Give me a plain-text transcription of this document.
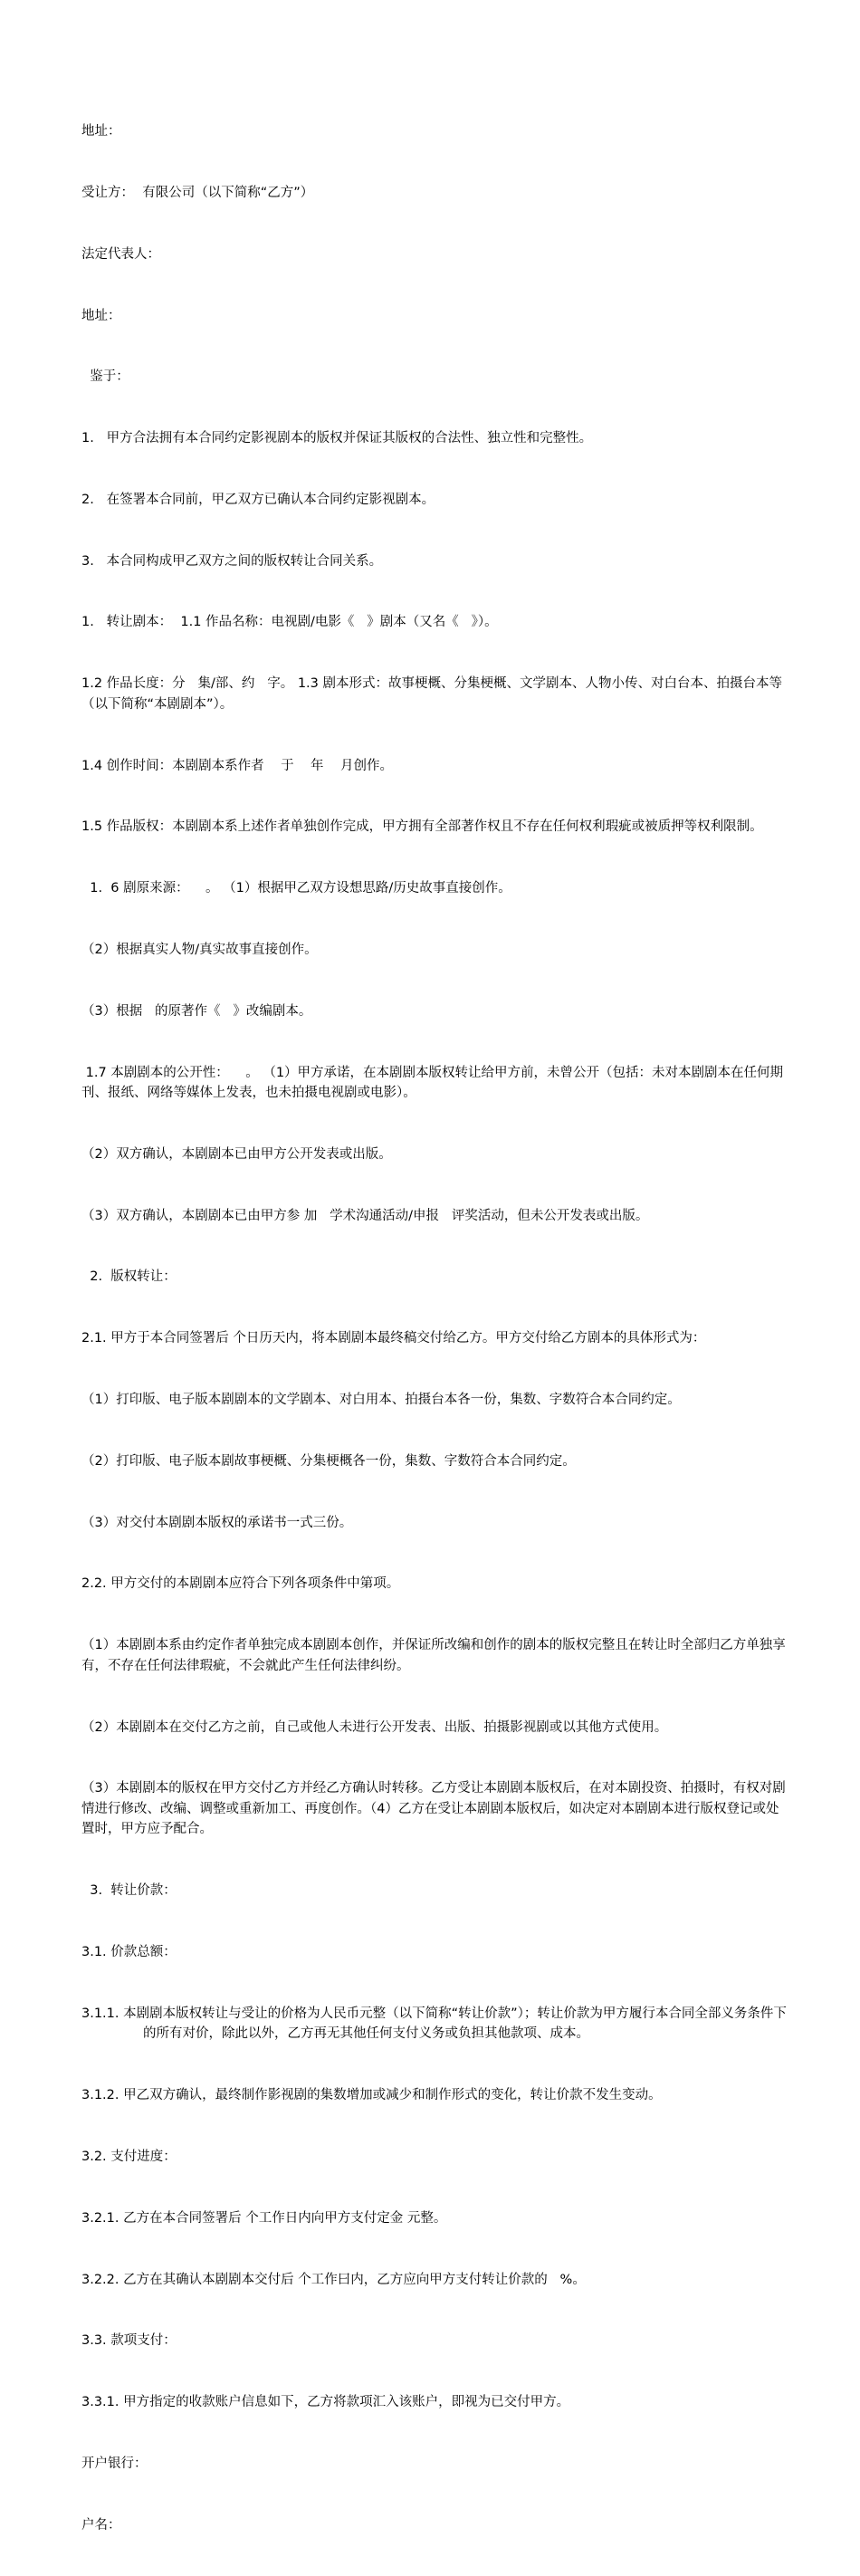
地址：

受让方：  有限公司（以下简称“乙方”）

法定代表人：

地址：

鉴于：

1.   甲方合法拥有本合同约定影视剧本的版权并保证其版权的合法性、独立性和完整性。

2.   在签署本合同前，甲乙双方已确认本合同约定影视剧本。

3.   本合同构成甲乙双方之间的版权转让合同关系。

1.   转让剧本：  1.1 作品名称：电视剧/电影《   》剧本（又名《   》）。

1.2 作品长度：分   集/部、约   字。 1.3 剧本形式：故事梗概、分集梗概、文学剧本、人物小传、对白台本、拍摄台本等（以下简称“本剧剧本”）。

1.4 创作时间：本剧剧本系作者    于    年    月创作。

1.5 作品版权：本剧剧本系上述作者单独创作完成，甲方拥有全部著作权且不存在任何权利瑕疵或被质押等权利限制。

1.  6 剧原来源：    。 （1）根据甲乙双方设想思路/历史故事直接创作。

（2）根据真实人物/真实故事直接创作。

（3）根据   的原著作《   》改编剧本。

1.7 本剧剧本的公开性：    。 （1）甲方承诺，在本剧剧本版权转让给甲方前，未曾公开（包括：未对本剧剧本在任何期刊、报纸、网络等媒体上发表，也未拍摄电视剧或电影）。

（2）双方确认，本剧剧本已由甲方公开发表或出版。

（3）双方确认，本剧剧本已由甲方参 加   学术沟通活动/申报   评奖活动，但未公开发表或出版。

2.  版权转让：

2.1. 甲方于本合同签署后 个日历天内，将本剧剧本最终稿交付给乙方。甲方交付给乙方剧本的具体形式为：

（1）打印版、电子版本剧剧本的文学剧本、对白用本、拍摄台本各一份，集数、字数符合本合同约定。

（2）打印版、电子版本剧故事梗概、分集梗概各一份，集数、字数符合本合同约定。

（3）对交付本剧剧本版权的承诺书一式三份。

2.2. 甲方交付的本剧剧本应符合下列各项条件中第项。

（1）本剧剧本系由约定作者单独完成本剧剧本创作，并保证所改编和创作的剧本的版权完整且在转让时全部归乙方单独享有，不存在任何法律瑕疵，不会就此产生任何法律纠纷。

（2）本剧剧本在交付乙方之前，自己或他人未进行公开发表、出版、拍摄影视剧或以其他方式使用。

（3）本剧剧本的版权在甲方交付乙方并经乙方确认时转移。乙方受让本剧剧本版权后，在对本剧投资、拍摄时，有权对剧情进行修改、改编、调整或重新加工、再度创作。（4）乙方在受让本剧剧本版权后，如决定对本剧剧本进行版权登记或处置时，甲方应予配合。

3.  转让价款：

3.1. 价款总额：

3.1.1. 本剧剧本版权转让与受让的价格为人民币元整（以下简称“转让价款”）；转让价款为甲方履行本合同全部义务条件下的所有对价，除此以外，乙方再无其他任何支付义务或负担其他款项、成本。

3.1.2. 甲乙双方确认，最终制作影视剧的集数增加或减少和制作形式的变化，转让价款不发生变动。

3.2. 支付进度：

3.2.1. 乙方在本合同签署后 个工作日内向甲方支付定金 元整。

3.2.2. 乙方在其确认本剧剧本交付后 个工作曰内，乙方应向甲方支付转让价款的   %。

3.3. 款项支付：

3.3.1. 甲方指定的收款账户信息如下，乙方将款项汇入该账户，即视为已交付甲方。

开户银行：

户名：
